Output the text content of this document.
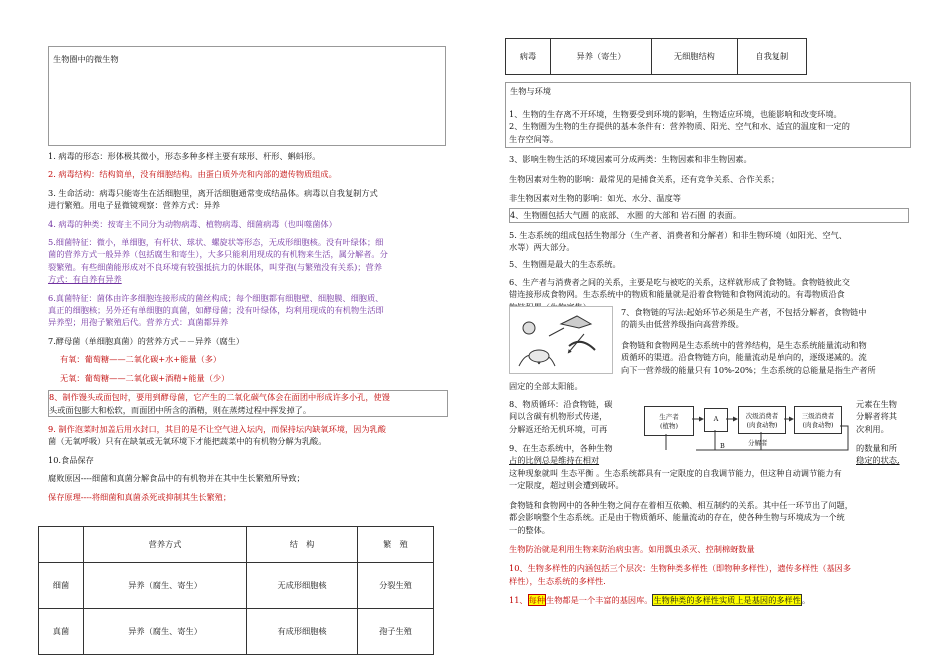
生物圈中的微生物

1. 病毒的形态：形体极其微小，形态多种多样主要有球形、杆形、蝌蚪形。

2. 病毒结构：结构简单，没有细胞结构。由蛋白质外壳和内部的遗传物质组成。

3. 生命活动：病毒只能寄生在活细胞里，离开活细胞通常变成结晶体。病毒以自我复制方式

进行繁殖。用电子显微镜观察：营养方式：异养

4. 病毒的种类：按寄主不同分为动物病毒、植物病毒、细菌病毒（也叫噬菌体）

5.细菌特征：微小，单细胞，有杆状、球状、螺旋状等形态，无成形细胞核。没有叶绿体；细

菌的营养方式一般异养（包括腐生和寄生），大多只能利用现成的有机物来生活，属分解者。分

裂繁殖。有些细菌能形成对不良环境有较强抵抗力的休眠体，叫芽孢(与繁殖没有关系)；营养

方式：有自养有异养

6.真菌特征：菌体由许多细胞连接形成的菌丝构成；每个细胞都有细胞壁、细胞膜、细胞质、

真正的细胞核；另外还有单细胞的真菌，如酵母菌；没有叶绿体，均利用现成的有机物生活即

异养型；用孢子繁殖后代。营养方式：真菌都异养

7.酵母菌（单细胞真菌）的营养方式－－异养（腐生）

有氧：葡萄糖——二氧化碳+水+能量（多）

无氧：葡萄糖——二氧化碳+酒精+能量（少）

8、制作馒头或面包时，要用到酵母菌，它产生的二氧化碳气体会在面团中形成许多小孔，使馒

头或面包膨大和松软，而面团中所含的酒精，则在蒸烤过程中挥发掉了。

9. 制作泡菜时加盖后用水封口，其目的是不让空气进入坛内，而保持坛内缺氧环境，因为乳酸

菌（无氧呼吸）只有在缺氧或无氧环境下才能把蔬菜中的有机物分解为乳酸。

10.食品保存

腐败原因----细菌和真菌分解食品中的有机物并在其中生长繁殖所导致；

保存原理----将细菌和真菌杀死或抑制其生长繁殖；

	营养方式	结　构	繁　殖
细菌	异养（腐生、寄生）	无成形细胞核	分裂生殖
真菌	异养（腐生、寄生）	有成形细胞核	孢子生殖
病毒	异养（寄生）	无细胞结构	自我复制

生物与环境

1、生物的生存离不开环境，生物要受到环境的影响，生物适应环境，也能影响和改变环境。

2、生物圈为生物的生存提供的基本条件有：营养物质、阳光、空气和水、适宜的温度和一定的

生存空间等。

3、影响生物生活的环境因素可分成两类：生物因素和非生物因素。

生物因素对生物的影响：最常见的是捕食关系，还有竞争关系、合作关系；

非生物因素对生物的影响：如光、水分、温度等

4、生物圈包括大气圈 的底部、 水圈 的大部和 岩石圈 的表面。

5. 生态系统的组成包括生物部分（生产者、消费者和分解者）和非生物环境（如阳光、空气、

水等）两大部分。

5、生物圈是最大的生态系统。

6、生产者与消费者之间的关系，主要是吃与被吃的关系，这样就形成了食物链。食物链彼此交

错连接形成食物网。生态系统中的物质和能量就是沿着食物链和食物网流动的。有毒物质沿食

7、食物链的写法:起始环节必须是生产者，不包括分解者，食物链中

的箭头由低营养级指向高营养级。

食物链和食物网是生态系统中的营养结构，是生态系统能量流动和物

质循环的渠道。沿食物链方向，能量流动是单向的，逐级递减的。流

向下一营养级的能量只有 10%-20%；生态系统的总能量是指生产者所

固定的全部太阳能。

8、物质循环：沿食物链，碳

间以含碳有机物形式传递，

分解返还给无机环境，可再

元素在生物

分解者将其

次利用。

生产者
(植物)
A	次级消费者
(肉食动物)
三级消费者
(肉食动物)
分解者
B

9、在生态系统中，各种生物

占的比例总是维持在相对

的数量和所

稳定的状态,

这种现象就叫 生态平衡 。生态系统都具有一定限度的自我调节能力，但这种自动调节能力有

一定限度，超过则会遭到破坏。

食物链和食物网中的各种生物之间存在着相互依赖、相互制约的关系。其中任一环节出了问题，

都会影响整个生态系统。正是由于物质循环、能量流动的存在，使各种生物与环境成为一个统

一的整体。

生物防治就是利用生物来防治病虫害。如用瓢虫杀灭、控制棉蚜数量

10、生物多样性的内涵包括三个层次：生物种类多样性（即物种多样性），遗传多样性（基因多

样性），生态系统的多样性.

11、每种生物都是一个丰富的基因库。生物种类的多样性实质上是基因的多样性。
